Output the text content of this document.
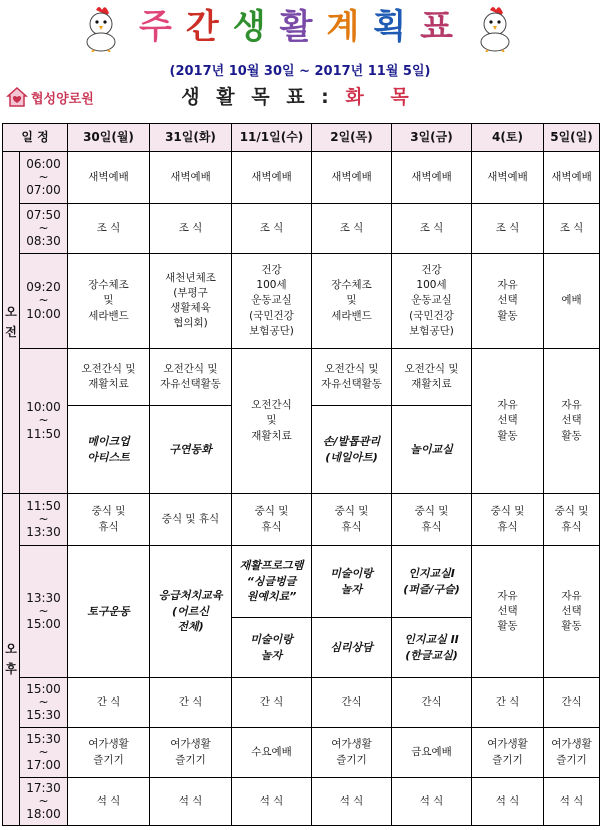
주 간 생 활 계 획 표
(2017년 10월 30일 ~ 2017년 11월 5일)
협성양로원	생 활 목 표 : 화 목
일 정		30일(월)	31일(화)	11/1일(수)	2일(목)	3일(금)	4(토)	5일(일)
오
전	06:00
~
07:00	새벽예배	새벽예배	새벽예배	새벽예배	새벽예배	새벽예배	새벽예배
	07:50
~
08:30	조 식	조 식	조 식	조 식	조 식	조 식	조 식
	09:20
~
10:00	장수체조
및
세라밴드	새천년체조
(부평구
생활체육
협의회)	건강
100세
운동교실
(국민건강
보험공단)	장수체조
및
세라밴드	건강
100세
운동교실
(국민건강
보험공단)	자유
선택
활동	예배
	10:00
~
11:50	오전간식 및
재활치료	오전간식 및
자유선택활동	오전간식
및
재활치료	오전간식 및
자유선택활동	오전간식 및
재활치료	자유
선택
활동	자유
선택
활동
		메이크업
아티스트	구연동화		손/발톱관리
(네일아트)	놀이교실		
오
후	11:50
~
13:30	중식 및
휴식	중식 및 휴식	중식 및
휴식	중식 및
휴식	중식 및
휴식	중식 및
휴식	중식 및
휴식
	13:30
~
15:00	토구운동	응급처치교육
(어르신
전체)	재활프로그램
“싱글벙글
원예치료”	미술이랑
놀자	인지교실I
(퍼즐/구슬)	자유
선택
활동	자유
선택
활동
				미술이랑
놀자	심리상담	인지교실 II
(한글교실)		
	15:00
~
15:30	간 식	간 식	간 식	간식	간식	간 식	간식
	15:30
~
17:00	여가생활
즐기기	여가생활
즐기기	수요예배	여가생활
즐기기	금요예배	여가생활
즐기기	여가생활
즐기기
	17:30
~
18:00	석 식	석 식	석 식	석 식	석 식	석 식	석 식
